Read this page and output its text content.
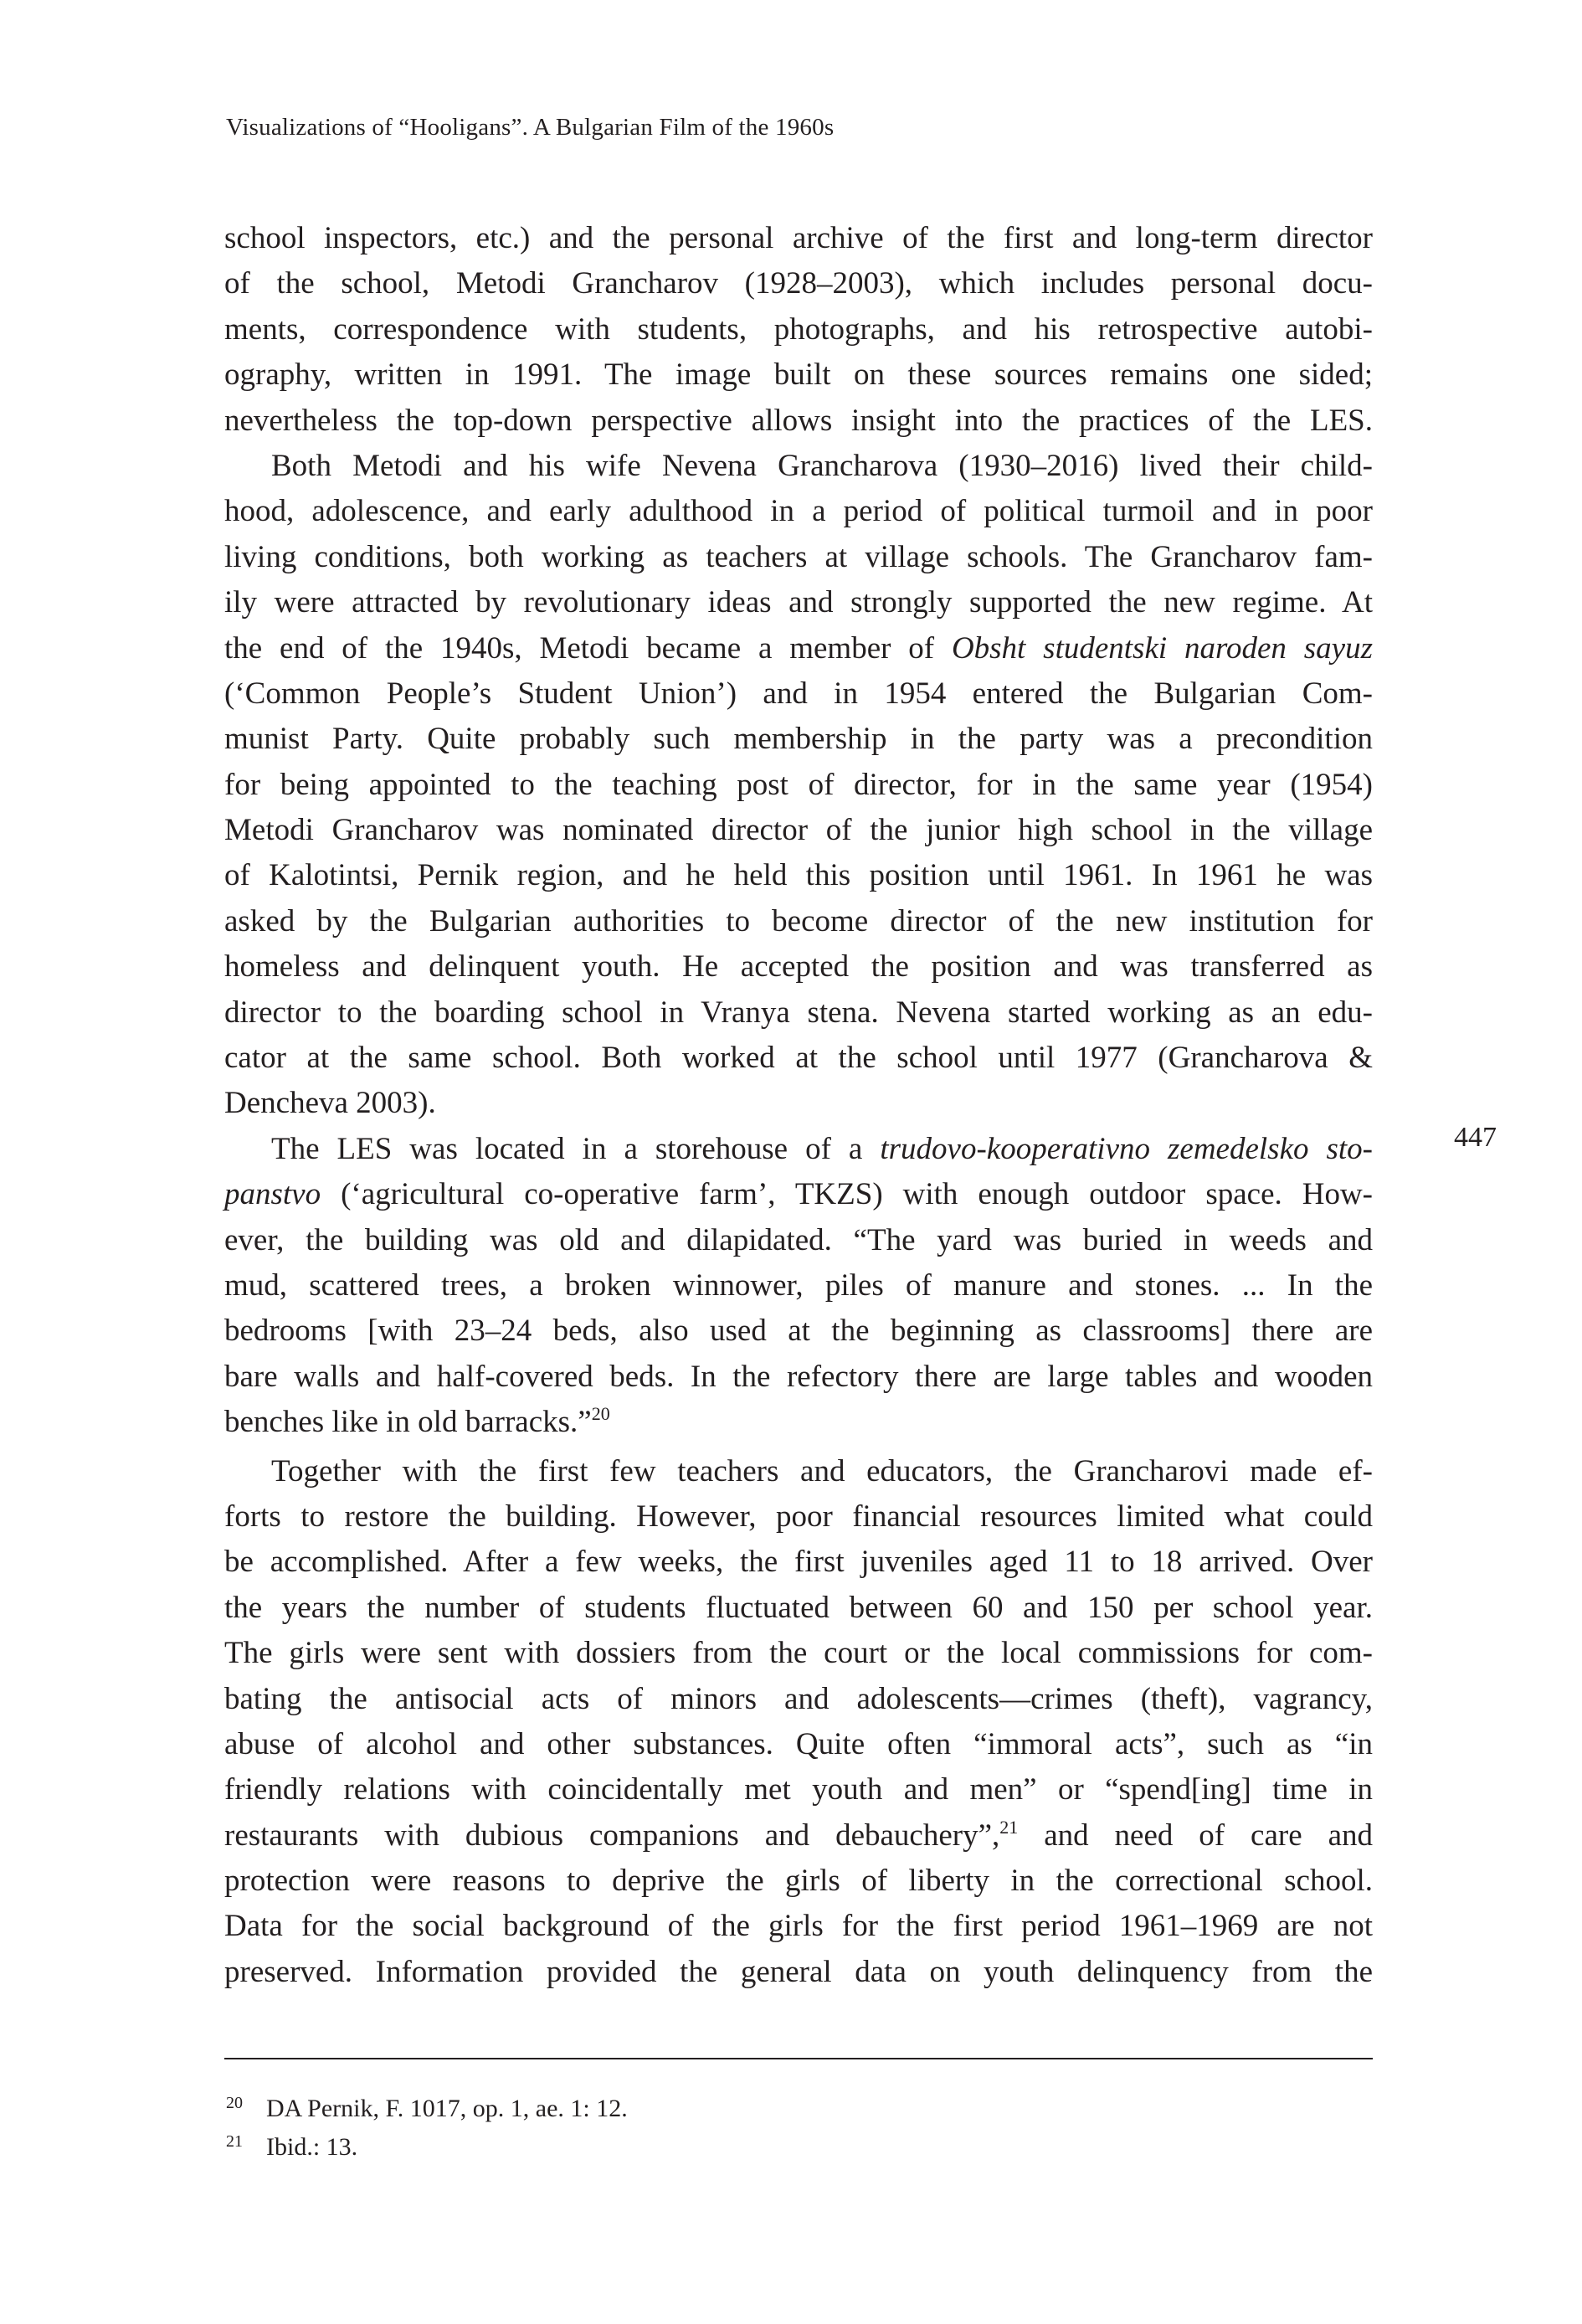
Visualizations of “Hooligans”. A Bulgarian Film of the 1960s
school inspectors, etc.) and the personal archive of the first and long-term director
of the school, Metodi Grancharov (1928–2003), which includes personal docu-
ments, correspondence with students, photographs, and his retrospective autobi-
ography, written in 1991. The image built on these sources remains one sided;
nevertheless the top-down perspective allows insight into the practices of the LES.
Both Metodi and his wife Nevena Grancharova (1930–2016) lived their child-
hood, adolescence, and early adulthood in a period of political turmoil and in poor
living conditions, both working as teachers at village schools. The Grancharov fam-
ily were attracted by revolutionary ideas and strongly supported the new regime. At
the end of the 1940s, Metodi became a member of Obsht studentski naroden sayuz
(‘Common People’s Student Union’) and in 1954 entered the Bulgarian Com-
munist Party. Quite probably such membership in the party was a precondition
for being appointed to the teaching post of director, for in the same year (1954)
Metodi Grancharov was nominated director of the junior high school in the village
of Kalotintsi, Pernik region, and he held this position until 1961. In 1961 he was
asked by the Bulgarian authorities to become director of the new institution for
homeless and delinquent youth. He accepted the position and was transferred as
director to the boarding school in Vranya stena. Nevena started working as an edu-
cator at the same school. Both worked at the school until 1977 (Grancharova &
Dencheva 2003).
The LES was located in a storehouse of a trudovo-kooperativno zemedelsko sto-
panstvo (‘agricultural co-operative farm’, TKZS) with enough outdoor space. How-
ever, the building was old and dilapidated. “The yard was buried in weeds and
mud, scattered trees, a broken winnower, piles of manure and stones. ... In the
bedrooms [with 23–24 beds, also used at the beginning as classrooms] there are
bare walls and half-covered beds. In the refectory there are large tables and wooden
benches like in old barracks.”$^{20}$
Together with the first few teachers and educators, the Grancharovi made ef-
forts to restore the building. However, poor financial resources limited what could
be accomplished. After a few weeks, the first juveniles aged 11 to 18 arrived. Over
the years the number of students fluctuated between 60 and 150 per school year.
The girls were sent with dossiers from the court or the local commissions for com-
bating the antisocial acts of minors and adolescents—crimes (theft), vagrancy,
abuse of alcohol and other substances. Quite often “immoral acts”, such as “in
friendly relations with coincidentally met youth and men” or “spend[ing] time in
restaurants with dubious companions and debauchery”,$^{21}$ and need of care and
protection were reasons to deprive the girls of liberty in the correctional school.
Data for the social background of the girls for the first period 1961–1969 are not
preserved. Information provided the general data on youth delinquency from the
447
20 DA Pernik, F. 1017, op. 1, ae. 1: 12.
21 Ibid.: 13.
